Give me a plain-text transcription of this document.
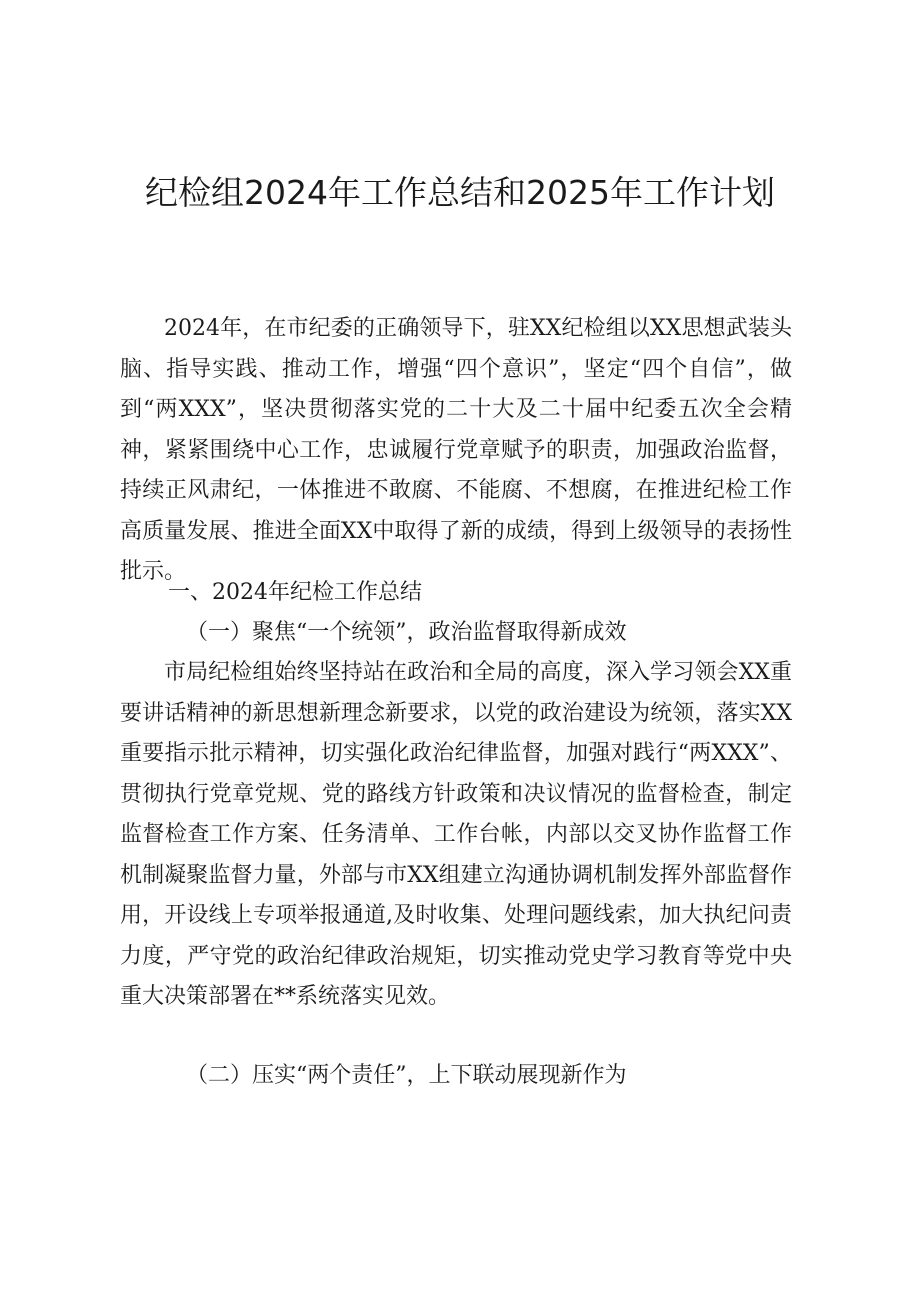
纪检组2024年工作总结和2025年工作计划

2024年，在市纪委的正确领导下，驻XX纪检组以XX思想武装头脑、指导实践、推动工作，增强“四个意识”，坚定“四个自信”，做到“两XXX”，坚决贯彻落实党的二十大及二十届中纪委五次全会精神，紧紧围绕中心工作，忠诚履行党章赋予的职责，加强政治监督，持续正风肃纪，一体推进不敢腐、不能腐、不想腐，在推进纪检工作高质量发展、推进全面XX中取得了新的成绩，得到上级领导的表扬性批示。

一、2024年纪检工作总结

（一）聚焦“一个统领”，政治监督取得新成效

市局纪检组始终坚持站在政治和全局的高度，深入学习领会XX重要讲话精神的新思想新理念新要求，以党的政治建设为统领，落实XX重要指示批示精神，切实强化政治纪律监督，加强对践行“两XXX”、贯彻执行党章党规、党的路线方针政策和决议情况的监督检查，制定监督检查工作方案、任务清单、工作台帐，内部以交叉协作监督工作机制凝聚监督力量，外部与市XX组建立沟通协调机制发挥外部监督作用，开设线上专项举报通道,及时收集、处理问题线索，加大执纪问责力度，严守党的政治纪律政治规矩，切实推动党史学习教育等党中央重大决策部署在**系统落实见效。

（二）压实“两个责任”，上下联动展现新作为
